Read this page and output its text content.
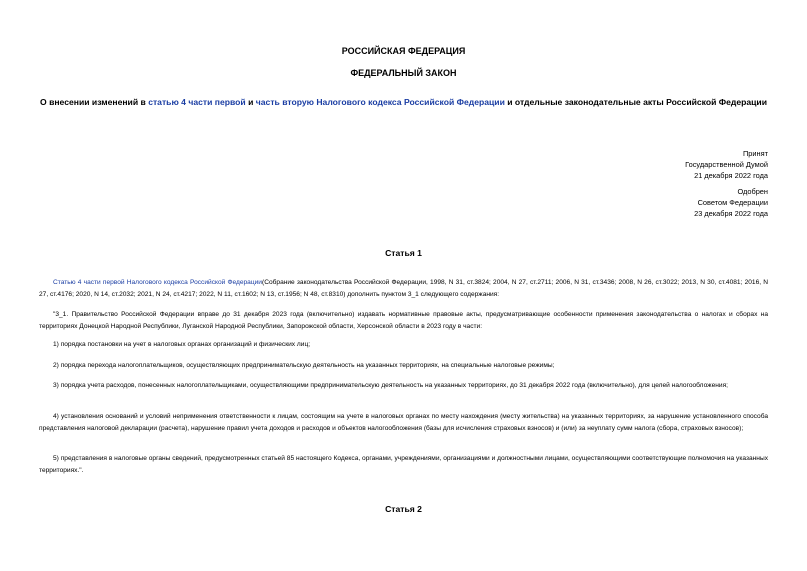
РОССИЙСКАЯ ФЕДЕРАЦИЯ
ФЕДЕРАЛЬНЫЙ ЗАКОН
О внесении изменений в статью 4 части первой и часть вторую Налогового кодекса Российской Федерации и отдельные законодательные акты Российской Федерации
Принят
Государственной Думой
21 декабря 2022 года
Одобрен
Советом Федерации
23 декабря 2022 года
Статья 1
Статью 4 части первой Налогового кодекса Российской Федерации(Собрание законодательства Российской Федерации, 1998, N 31, ст.3824; 2004, N 27, ст.2711; 2006, N 31, ст.3436; 2008, N 26, ст.3022; 2013, N 30, ст.4081; 2016, N 27, ст.4176; 2020, N 14, ст.2032; 2021, N 24, ст.4217; 2022, N 11, ст.1602; N 13, ст.1956; N 48, ст.8310) дополнить пунктом 3_1 следующего содержания:
"3_1. Правительство Российской Федерации вправе до 31 декабря 2023 года (включительно) издавать нормативные правовые акты, предусматривающие особенности применения законодательства о налогах и сборах на территориях Донецкой Народной Республики, Луганской Народной Республики, Запорожской области, Херсонской области в 2023 году в части:
1) порядка постановки на учет в налоговых органах организаций и физических лиц;
2) порядка перехода налогоплательщиков, осуществляющих предпринимательскую деятельность на указанных территориях, на специальные налоговые режимы;
3) порядка учета расходов, понесенных налогоплательщиками, осуществляющими предпринимательскую деятельность на указанных территориях, до 31 декабря 2022 года (включительно), для целей налогообложения;
4) установления оснований и условий неприменения ответственности к лицам, состоящим на учете в налоговых органах по месту нахождения (месту жительства) на указанных территориях, за нарушение установленного способа представления налоговой декларации (расчета), нарушение правил учета доходов и расходов и объектов налогообложения (базы для исчисления страховых взносов) и (или) за неуплату сумм налога (сбора, страховых взносов);
5) представления в налоговые органы сведений, предусмотренных статьей 85 настоящего Кодекса, органами, учреждениями, организациями и должностными лицами, осуществляющими соответствующие полномочия на указанных территориях.".
Статья 2
